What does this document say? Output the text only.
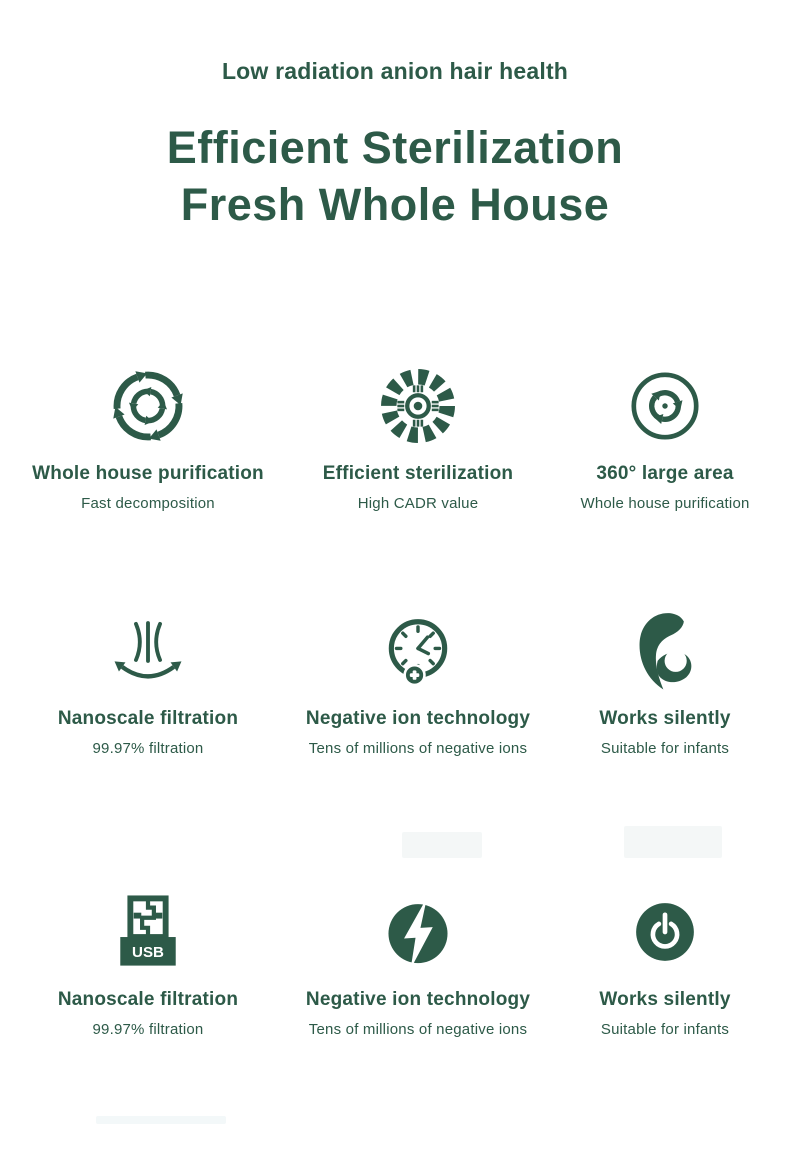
Low radiation anion hair health
Efficient Sterilization
Fresh Whole House
Whole house purification
Fast decomposition
Efficient sterilization
High CADR value
360° large area
Whole house purification
Nanoscale filtration
99.97% filtration
Negative ion technology
Tens of millions of negative ions
Works silently
Suitable for infants
USB
Nanoscale filtration
99.97% filtration
Negative ion technology
Tens of millions of negative ions
Works silently
Suitable for infants
